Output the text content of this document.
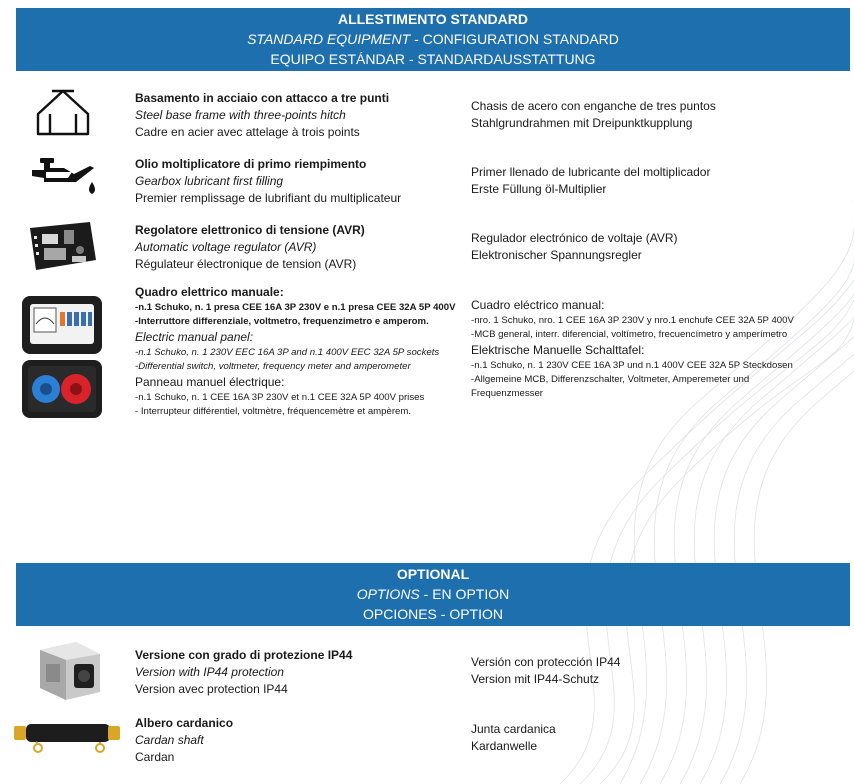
ALLESTIMENTO STANDARD
STANDARD EQUIPMENT - CONFIGURATION STANDARD
EQUIPO ESTÁNDAR - STANDARDAUSSTATTUNG
Basamento in acciaio con attacco a tre punti
Steel base frame with three-points hitch
Cadre en acier avec attelage à trois points
Chasis de acero con enganche de tres puntos
Stahlgrundrahmen mit Dreipunktkupplung
Olio moltiplicatore di primo riempimento
Gearbox lubricant first filling
Premier remplissage de lubrifiant du multiplicateur
Primer llenado de lubricante del moltiplicador
Erste Füllung öl-Multiplier
Regolatore elettronico di tensione (AVR)
Automatic voltage regulator (AVR)
Régulateur électronique de tension (AVR)
Regulador electrónico de voltaje (AVR)
Elektronischer Spannungsregler
Quadro elettrico manuale:
-n.1 Schuko, n. 1 presa CEE 16A 3P 230V e n.1 presa CEE 32A 5P 400V
-Interruttore differenziale, voltmetro, frequenzimetro e amperom.
Electric manual panel:
-n.1 Schuko, n. 1 230V EEC 16A 3P and n.1 400V EEC 32A 5P sockets
-Differential switch, voltmeter, frequency meter and amperometer
Panneau manuel électrique:
-n.1 Schuko, n. 1 CEE 16A 3P 230V et n.1 CEE 32A 5P 400V prises
- Interrupteur différentiel, voltmètre, fréquencemètre et ampèrem.
Cuadro eléctrico manual:
-nro. 1 Schuko, nro. 1 CEE 16A 3P 230V y nro.1 enchufe CEE 32A 5P 400V
-MCB general, interr. diferencial, voltímetro, frecuencímetro y amperímetro
Elektrische Manuelle Schalttafel:
-n.1 Schuko, n. 1 230V CEE 16A 3P und n.1 400V CEE 32A 5P Steckdosen
-Allgemeine MCB, Differenzschalter, Voltmeter, Amperemeter und
Frequenzmesser
OPTIONAL
OPTIONS - EN OPTION
OPCIONES - OPTION
Versione con grado di protezione IP44
Version with IP44 protection
Version avec protection IP44
Versión con protección IP44
Version mit IP44-Schutz
Albero cardanico
Cardan shaft
Cardan
Junta cardanica
Kardanwelle
